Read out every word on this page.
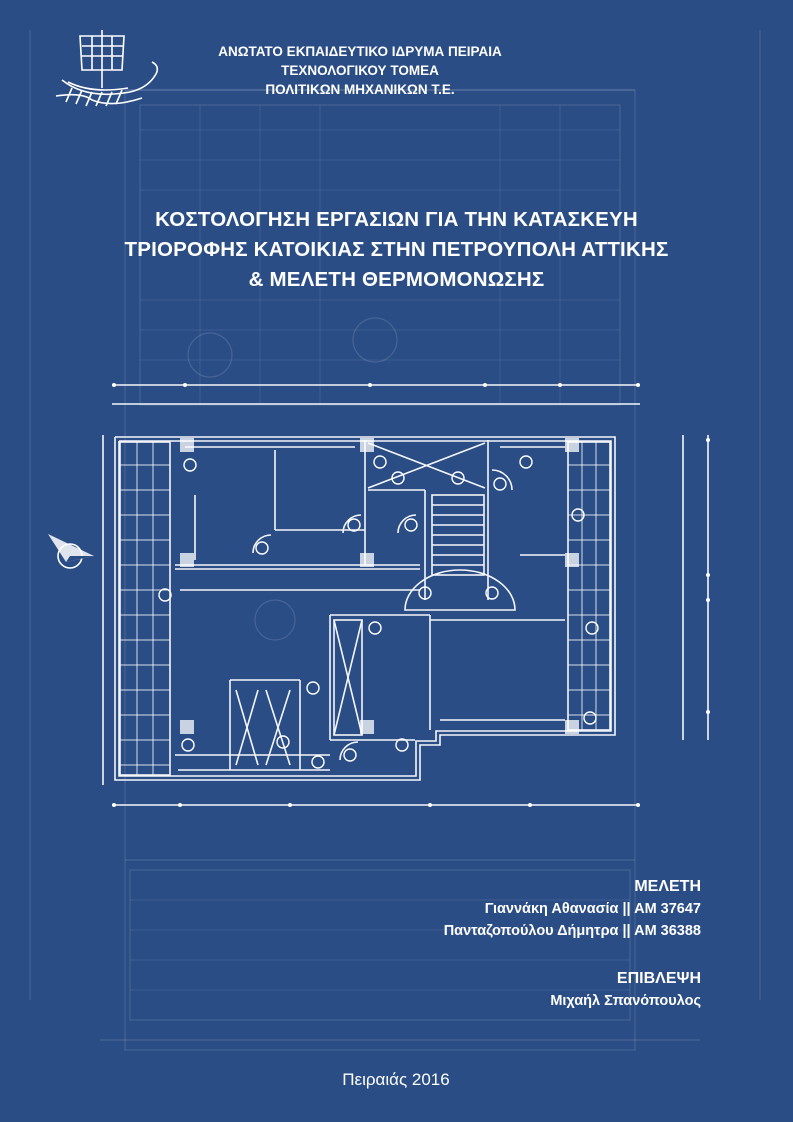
ΑΝΩΤΑΤΟ ΕΚΠΑΙΔΕΥΤΙΚΟ ΙΔΡΥΜΑ ΠΕΙΡΑΙΑ
ΤΕΧΝΟΛΟΓΙΚΟΥ ΤΟΜΕΑ
ΠΟΛΙΤΙΚΩΝ ΜΗΧΑΝΙΚΩΝ Τ.Ε.
ΚΟΣΤΟΛΟΓΗΣΗ ΕΡΓΑΣΙΩΝ ΓΙΑ ΤΗΝ ΚΑΤΑΣΚΕΥΗ
ΤΡΙΟΡΟΦΗΣ ΚΑΤΟΙΚΙΑΣ ΣΤΗΝ ΠΕΤΡΟΥΠΟΛΗ ΑΤΤΙΚΗΣ
& ΜΕΛΕΤΗ ΘΕΡΜΟΜΟΝΩΣΗΣ
ΜΕΛΕΤΗ
Γιαννάκη Αθανασία || ΑΜ 37647
Πανταζοπούλου Δήμητρα || ΑΜ 36388
ΕΠΙΒΛΕΨΗ
Μιχαήλ Σπανόπουλος
Πειραιάς 2016
